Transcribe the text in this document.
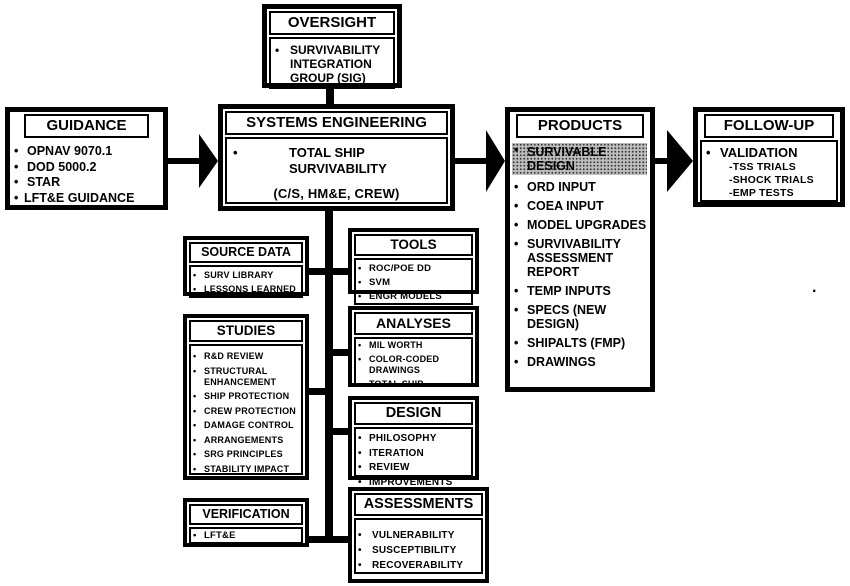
OVERSIGHT
• SURVIVABILITY INTEGRATION GROUP (SIG)
GUIDANCE
• OPNAV 9070.1
• DOD 5000.2
• STAR
• LFT&E GUIDANCE
SYSTEMS ENGINEERING
• TOTAL SHIP SURVIVABILITY
(C/S, HM&E, CREW)
PRODUCTS
• SURVIVABLE DESIGN
• ORD INPUT
• COEA INPUT
• MODEL UPGRADES
• SURVIVABILITY ASSESSMENT REPORT
• TEMP INPUTS
• SPECS (NEW DESIGN)
• SHIPALTS (FMP)
• DRAWINGS
FOLLOW-UP
• VALIDATION
-TSS TRIALS
-SHOCK TRIALS
-EMP TESTS
SOURCE DATA
• SURV LIBRARY
• LESSONS LEARNED
TOOLS
• ROC/POE DD
• SVM
• ENGR MODELS
STUDIES
• R&D REVIEW
• STRUCTURAL ENHANCEMENT
• SHIP PROTECTION
• CREW PROTECTION
• DAMAGE CONTROL
• ARRANGEMENTS
• SRG PRINCIPLES
• STABILITY IMPACT
ANALYSES
• MIL WORTH
• COLOR-CODED DRAWINGS
• TOTAL SHIP
DESIGN
• PHILOSOPHY
• ITERATION
• REVIEW
• IMPROVEMENTS
VERIFICATION
• LFT&E
ASSESSMENTS
• VULNERABILITY
• SUSCEPTIBILITY
• RECOVERABILITY
.
